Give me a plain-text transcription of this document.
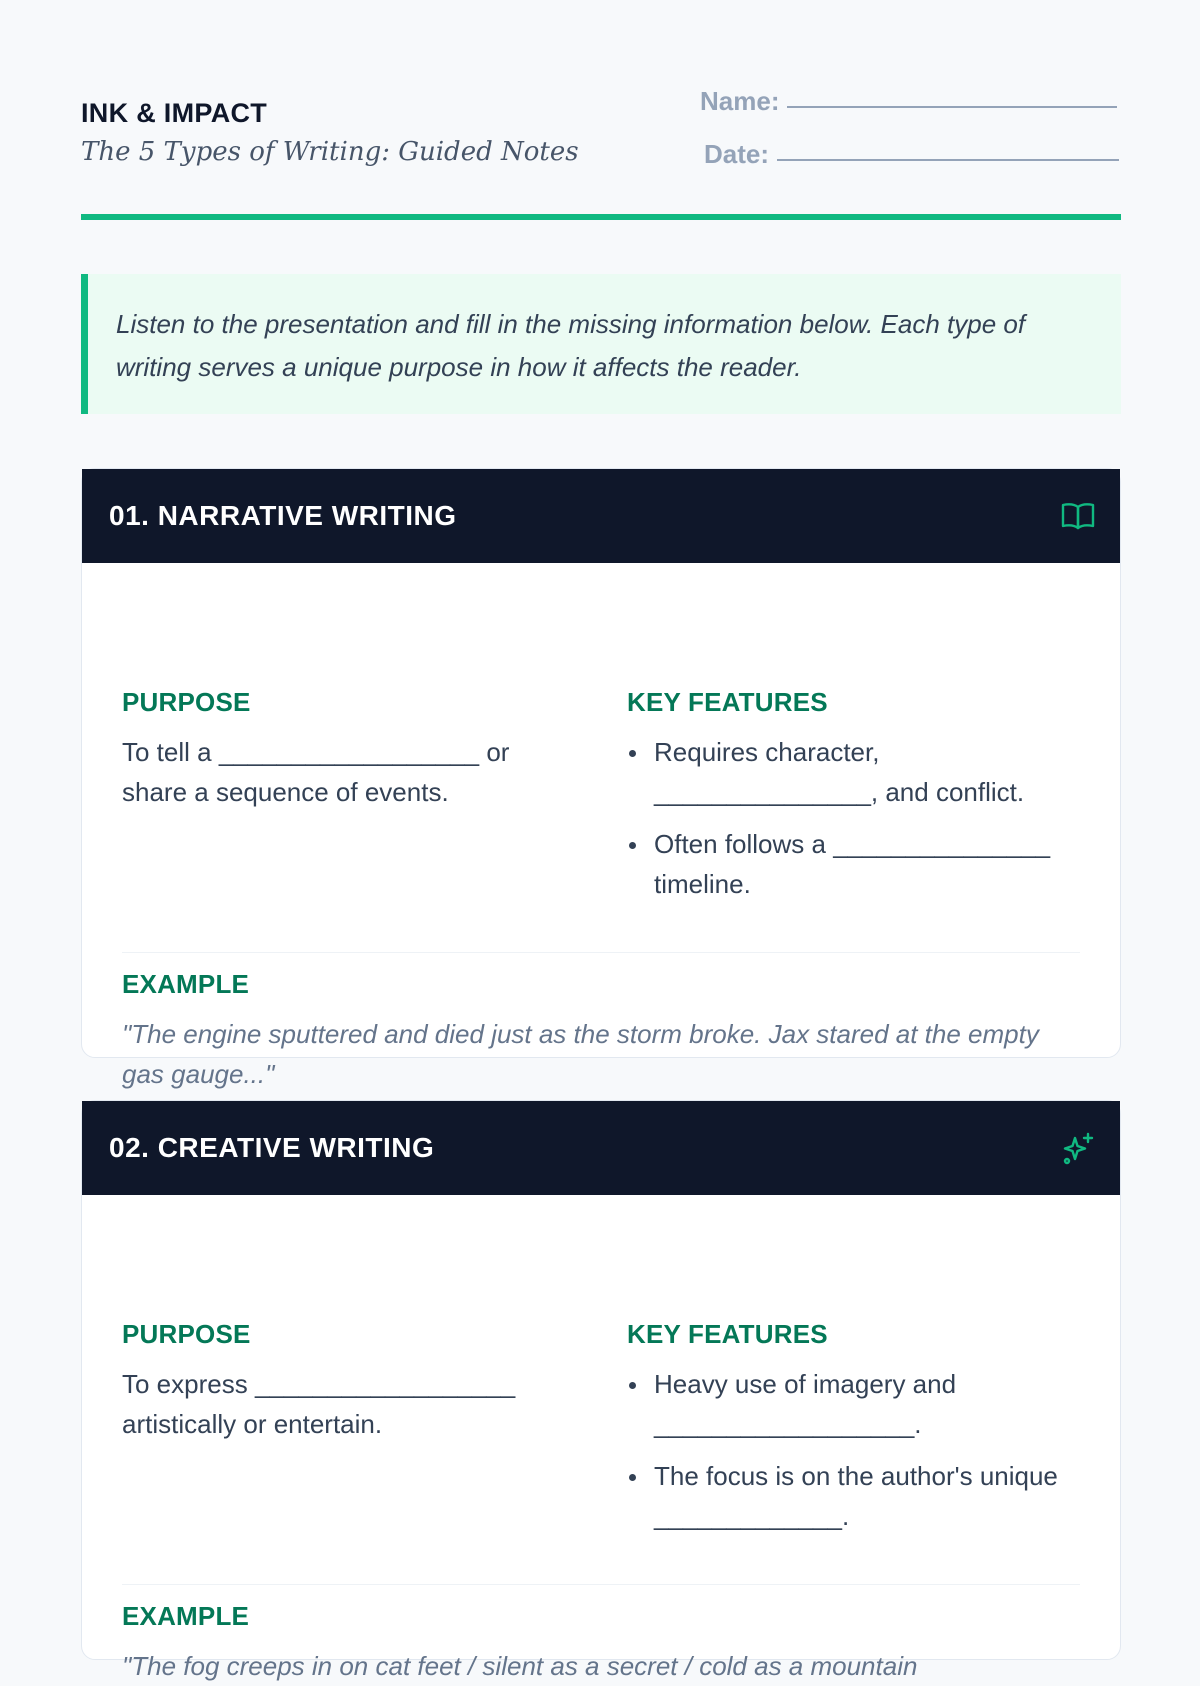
INK & IMPACT
The 5 Types of Writing: Guided Notes
Name:
Date:
Listen to the presentation and fill in the missing information below. Each type of writing serves a unique purpose in how it affects the reader.
01. NARRATIVE WRITING
PURPOSE
To tell a __________________ or share a sequence of events.
KEY FEATURES
Requires character, _______________, and conflict.
Often follows a _______________ timeline.
EXAMPLE
"The engine sputtered and died just as the storm broke. Jax stared at the empty gas gauge..."
02. CREATIVE WRITING
PURPOSE
To express __________________ artistically or entertain.
KEY FEATURES
Heavy use of imagery and __________________.
The focus is on the author's unique _____________.
EXAMPLE
"The fog creeps in on cat feet / silent as a secret / cold as a mountain
